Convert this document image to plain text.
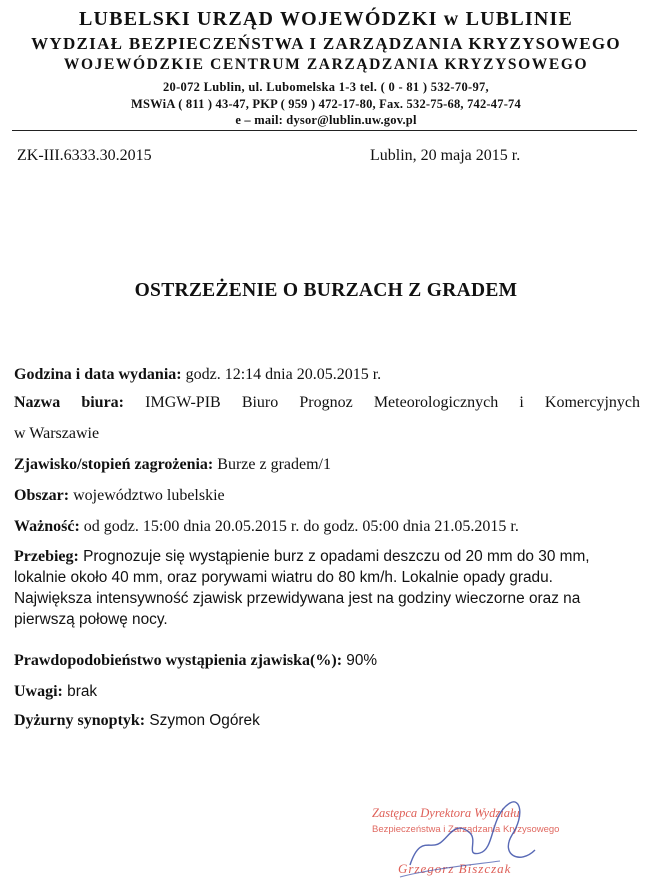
LUBELSKI URZĄD WOJEWÓDZKI w LUBLINIE
WYDZIAŁ BEZPIECZEŃSTWA I ZARZĄDZANIA KRYZYSOWEGO
WOJEWÓDZKIE CENTRUM ZARZĄDZANIA KRYZYSOWEGO
20-072 Lublin, ul. Lubomelska 1-3 tel. ( 0 - 81 ) 532-70-97,
MSWiA ( 811 ) 43-47, PKP ( 959 ) 472-17-80, Fax. 532-75-68, 742-47-74
e – mail: dysor@lublin.uw.gov.pl
ZK-III.6333.30.2015	Lublin, 20 maja 2015 r.
OSTRZEŻENIE O BURZACH Z GRADEM
Godzina i data wydania: godz. 12:14 dnia 20.05.2015 r.
Nazwa biura: IMGW-PIB Biuro Prognoz Meteorologicznych i Komercyjnych
w Warszawie
Zjawisko/stopień zagrożenia: Burze z gradem/1
Obszar: województwo lubelskie
Ważność: od godz. 15:00 dnia 20.05.2015 r. do godz. 05:00 dnia 21.05.2015 r.
Przebieg: Prognozuje się wystąpienie burz z opadami deszczu od 20 mm do 30 mm,
lokalnie około 40 mm, oraz porywami wiatru do 80 km/h. Lokalnie opady gradu.
Największa intensywność zjawisk przewidywana jest na godziny wieczorne oraz na
pierwszą połowę nocy.
Prawdopodobieństwo wystąpienia zjawiska(%): 90%
Uwagi: brak
Dyżurny synoptyk: Szymon Ogórek
Zastępca Dyrektora Wydziału
Bezpieczeństwa i Zarządzania Kryzysowego
Grzegorz Biszczak
